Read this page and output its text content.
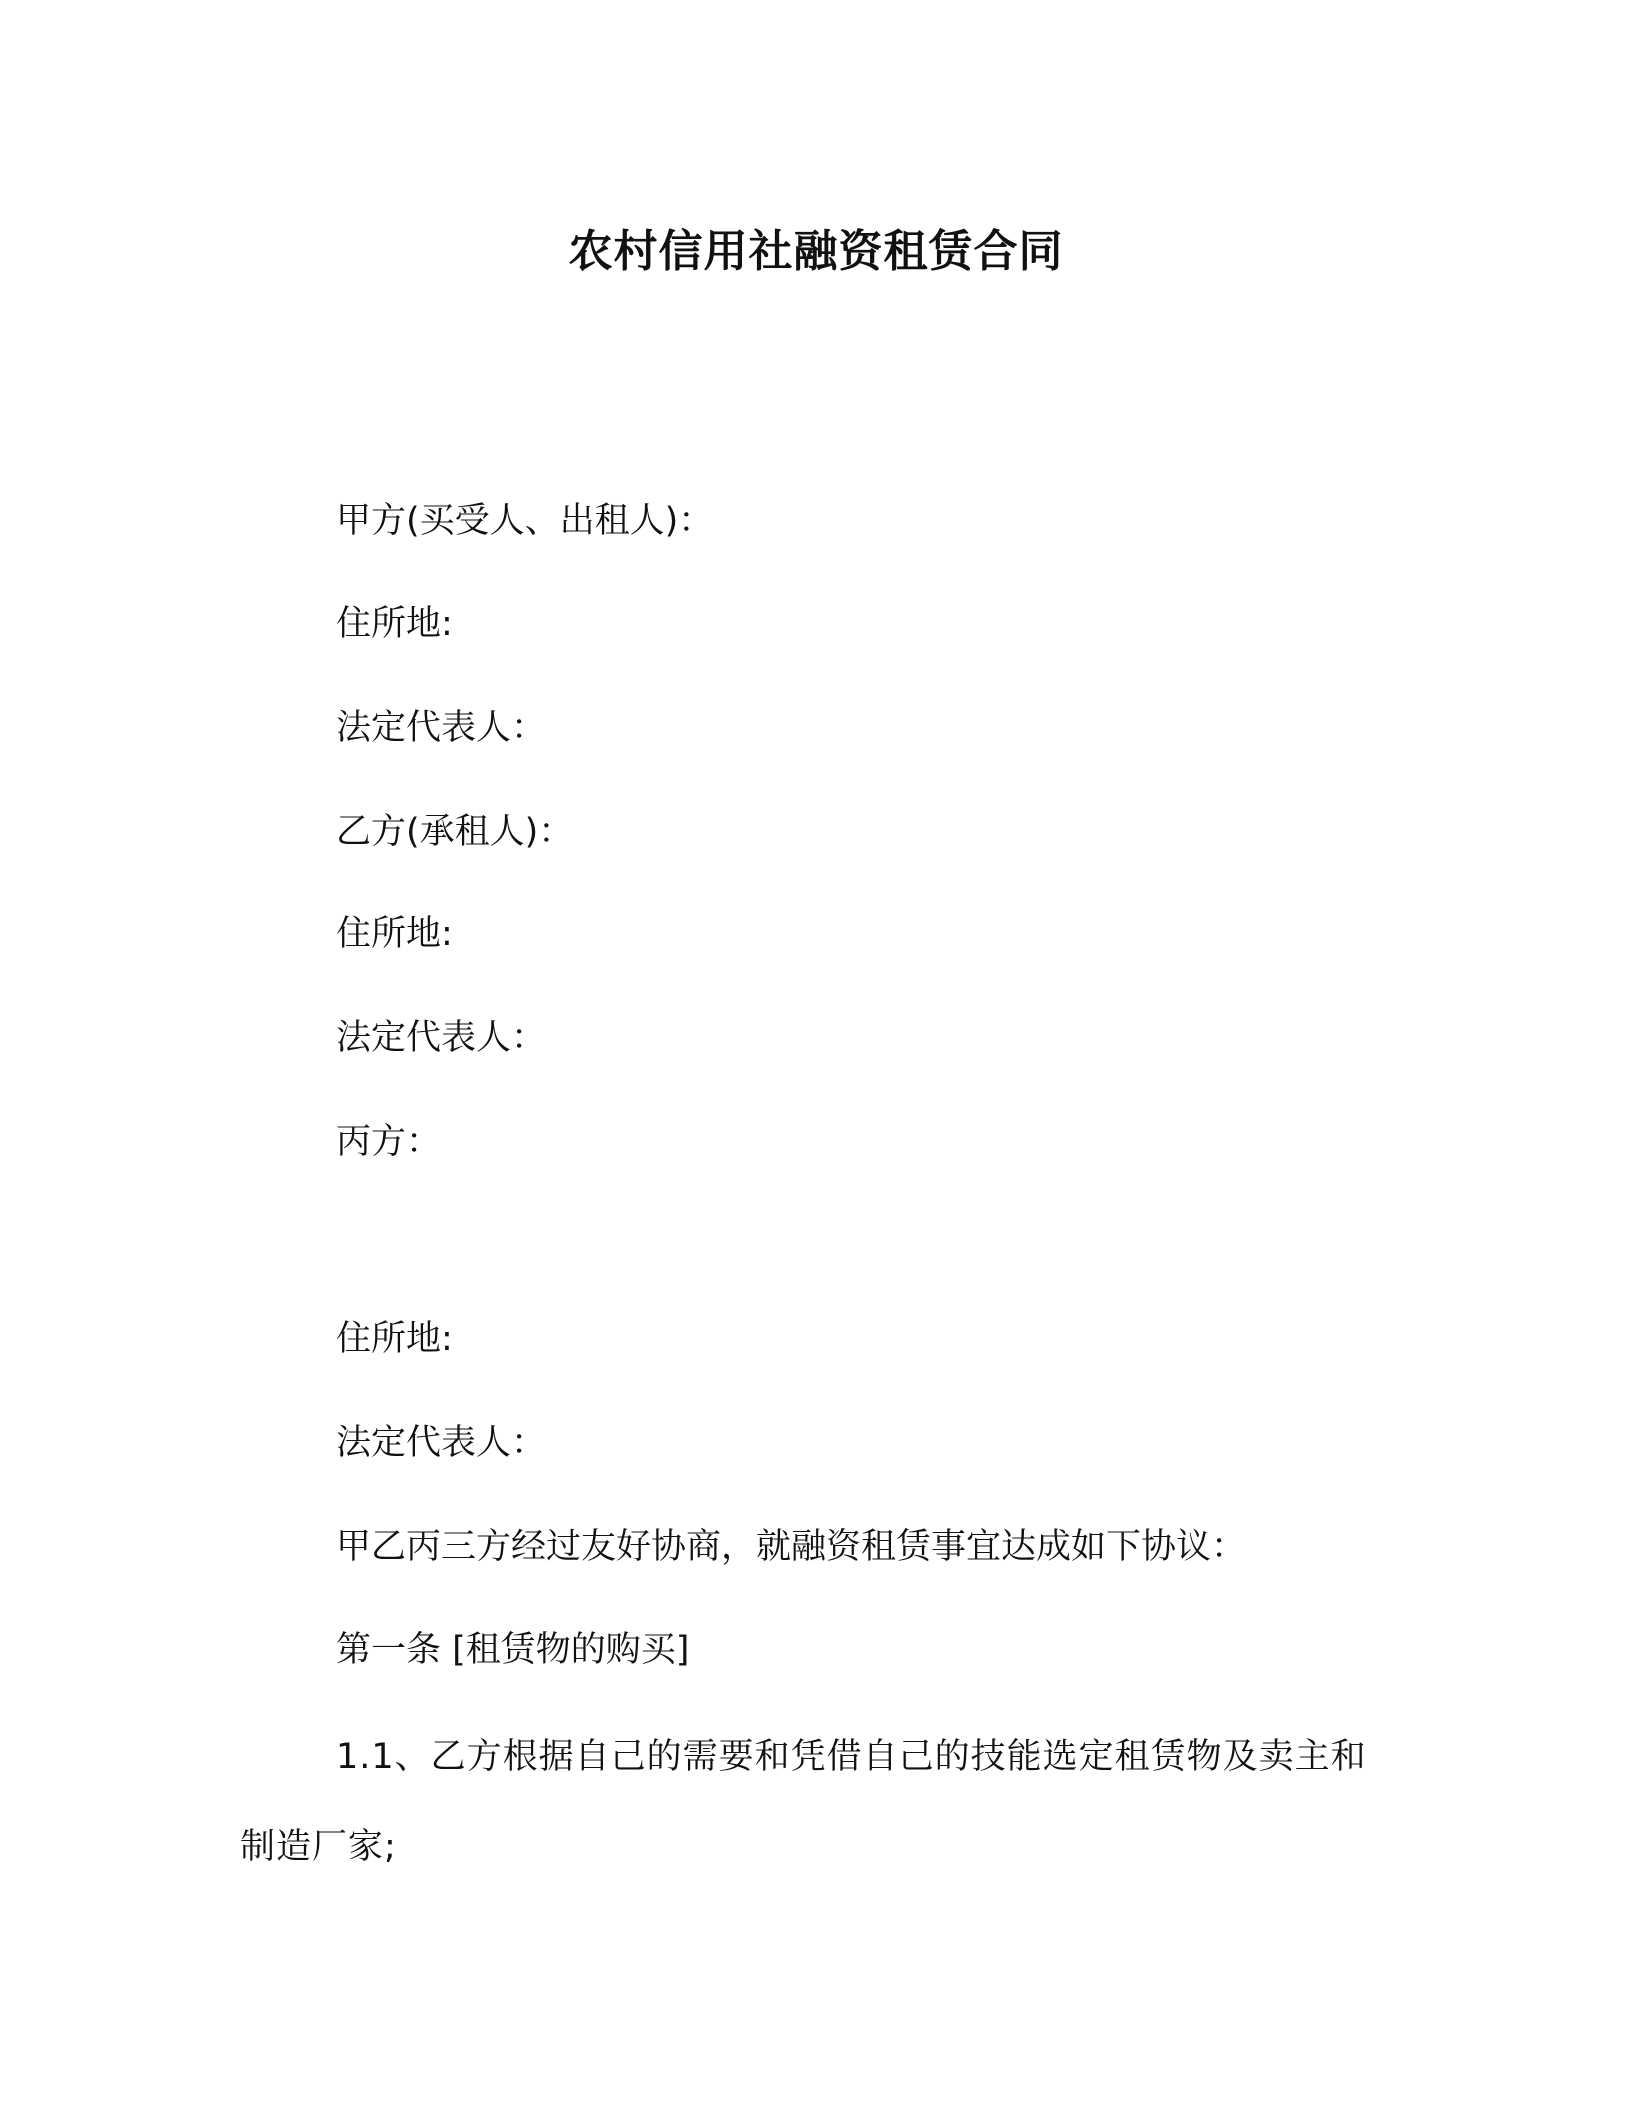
农村信用社融资租赁合同
甲方(买受人、出租人)：
住所地:
法定代表人：
乙方(承租人)：
住所地:
法定代表人：
丙方：
住所地:
法定代表人：
甲乙丙三方经过友好协商，就融资租赁事宜达成如下协议：
第一条 [租赁物的购买]
1.1、乙方根据自己的需要和凭借自己的技能选定租赁物及卖主和制造厂家;
